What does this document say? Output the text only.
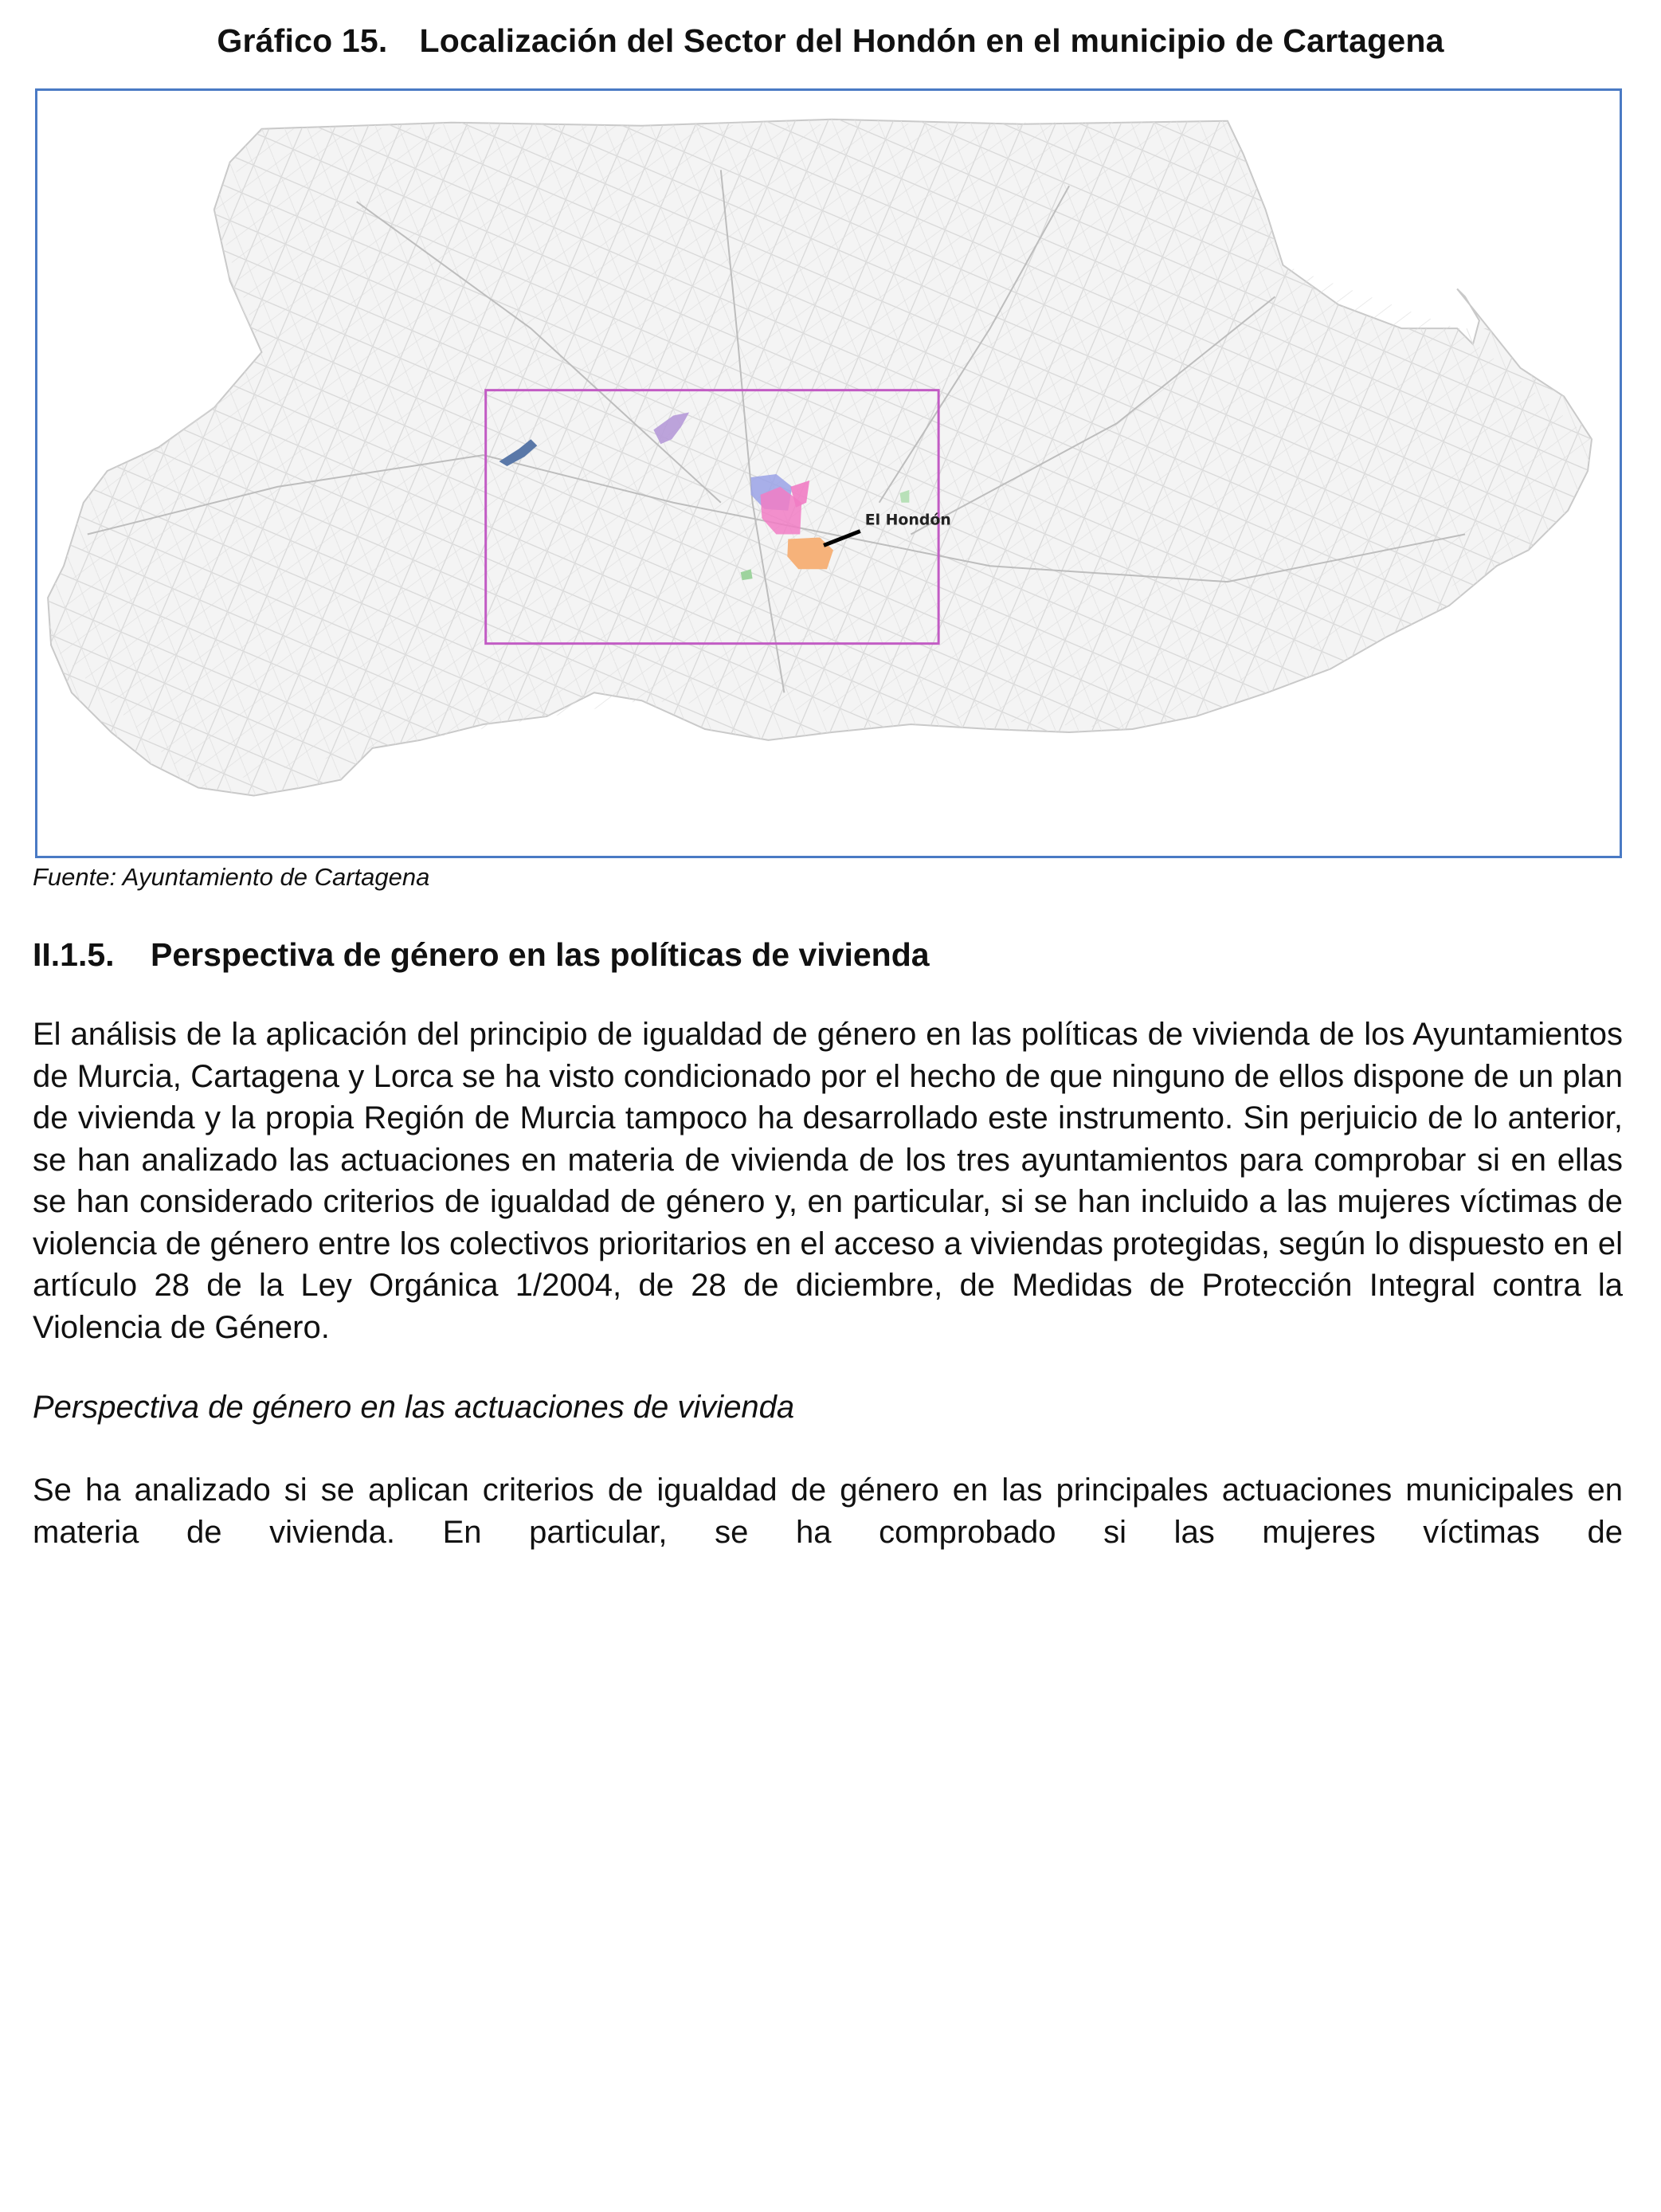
Gráfico 15. Localización del Sector del Hondón en el municipio de Cartagena
El Hondón
Fuente: Ayuntamiento de Cartagena
II.1.5. Perspectiva de género en las políticas de vivienda

El análisis de la aplicación del principio de igualdad de género en las políticas de vivienda de los Ayuntamientos de Murcia, Cartagena y Lorca se ha visto condicionado por el hecho de que ninguno de ellos dispone de un plan de vivienda y la propia Región de Murcia tampoco ha desarrollado este instrumento. Sin perjuicio de lo anterior, se han analizado las actuaciones en materia de vivienda de los tres ayuntamientos para comprobar si en ellas se han considerado criterios de igualdad de género y, en particular, si se han incluido a las mujeres víctimas de violencia de género entre los colectivos prioritarios en el acceso a viviendas protegidas, según lo dispuesto en el artículo 28 de la Ley Orgánica 1/2004, de 28 de diciembre, de Medidas de Protección Integral contra la Violencia de Género.

Perspectiva de género en las actuaciones de vivienda

Se ha analizado si se aplican criterios de igualdad de género en las principales actuaciones municipales en materia de vivienda. En particular, se ha comprobado si las mujeres víctimas de
